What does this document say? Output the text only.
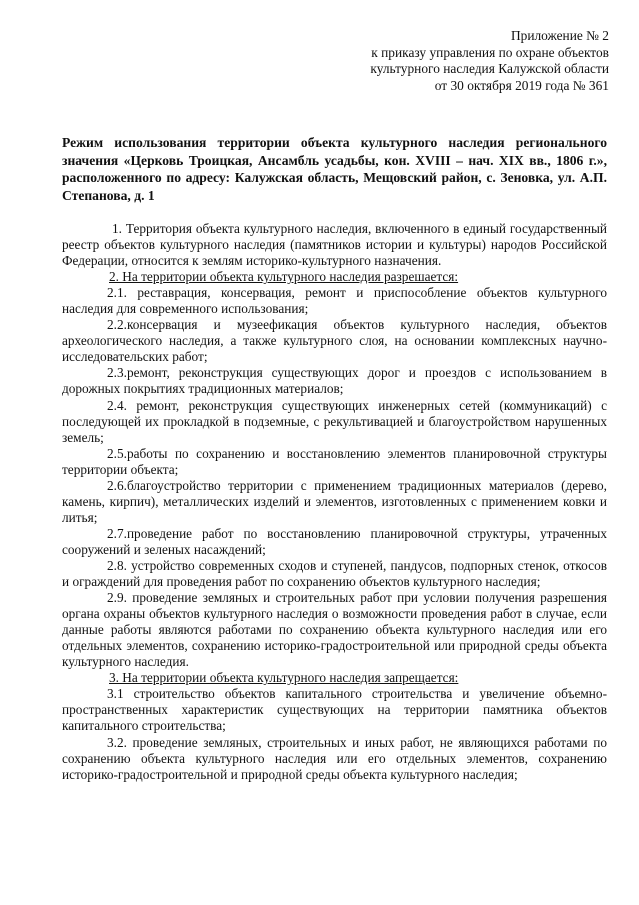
Приложение № 2
к приказу управления по охране объектов
культурного наследия Калужской области
от 30 октября 2019 года № 361
Режим использования территории объекта культурного наследия регионального значения «Церковь Троицкая, Ансамбль усадьбы, кон. XVIII – нач. XIX вв., 1806 г.», расположенного по адресу: Калужская область, Мещовский район, с. Зеновка, ул. А.П. Степанова, д. 1

1. Территория объекта культурного наследия, включенного в единый государственный реестр объектов культурного наследия (памятников истории и культуры) народов Российской Федерации, относится к землям историко-культурного назначения.

2. На территории объекта культурного наследия разрешается:

2.1. реставрация, консервация, ремонт и приспособление объектов культурного наследия для современного использования;

2.2.консервация и музеефикация объектов культурного наследия, объектов археологического наследия, а также культурного слоя, на основании комплексных научно-исследовательских работ;

2.3.ремонт, реконструкция существующих дорог и проездов с использованием в дорожных покрытиях традиционных материалов;

2.4. ремонт, реконструкция существующих инженерных сетей (коммуникаций) с последующей их прокладкой в подземные, с рекультивацией и благоустройством нарушенных земель;

2.5.работы по сохранению и восстановлению элементов планировочной структуры территории объекта;

2.6.благоустройство территории с применением традиционных материалов (дерево, камень, кирпич), металлических изделий и элементов, изготовленных с применением ковки и литья;

2.7.проведение работ по восстановлению планировочной структуры, утраченных сооружений и зеленых насаждений;

2.8. устройство современных сходов и ступеней, пандусов, подпорных стенок, откосов и ограждений для проведения работ по сохранению объектов культурного наследия;

2.9. проведение земляных и строительных работ при условии получения разрешения органа охраны объектов культурного наследия о возможности проведения работ в случае, если данные работы являются работами по сохранению объекта культурного наследия или его отдельных элементов, сохранению историко-градостроительной или природной среды объекта культурного наследия.

3. На территории объекта культурного наследия запрещается:

3.1 строительство объектов капитального строительства и увеличение объемно-пространственных характеристик существующих на территории памятника объектов капитального строительства;

3.2. проведение земляных, строительных и иных работ, не являющихся работами по сохранению объекта культурного наследия или его отдельных элементов, сохранению историко-градостроительной и природной среды объекта культурного наследия;
